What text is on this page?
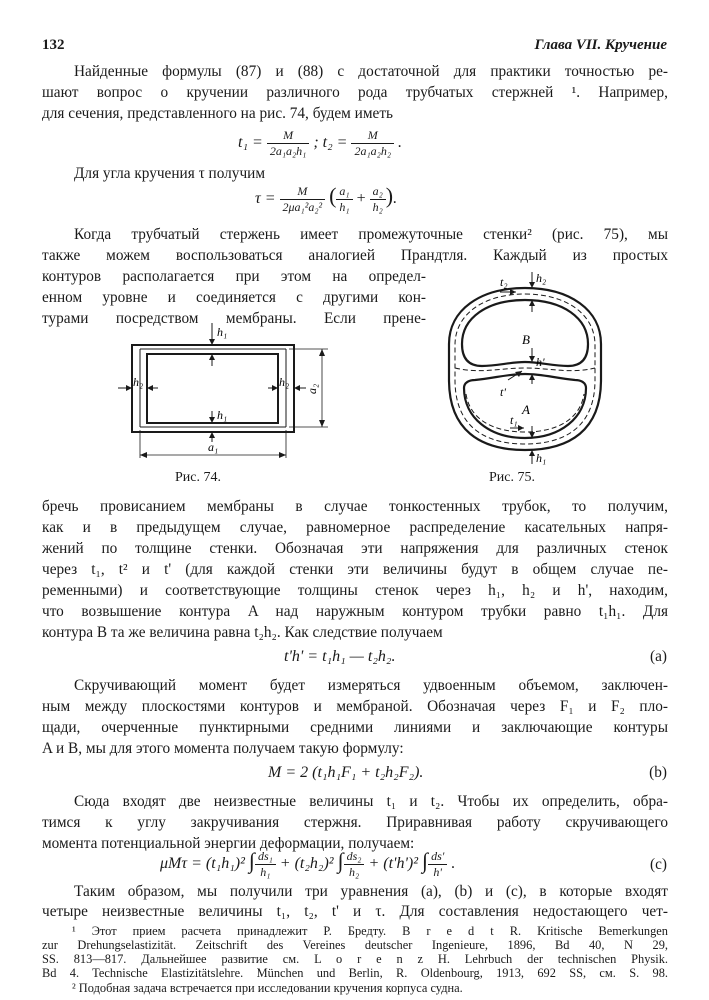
132	Глава VII. Кручение
Найденные формулы (87) и (88) с достаточной для практики точностью ре-
шают вопрос о кручении различного рода трубчатых стержней ¹. Например,
для сечения, представленного на рис. 74, будем иметь
$t_1 = \frac{M}{\text{2a₁a₂h₁}}$ ; $t_2 = \frac{M}{\text{2a₁a₂h₂}}$ .
Для угла кручения τ получим
$\tau = \frac{M}{\text{2μa₁²a₂²}}$ ( $\frac{\text{a₁}}{\text{h₁}} + \frac{\text{a₂}}{\text{h₂}}$ ).
Когда трубчатый стержень имеет промежуточные стенки² (рис. 75), мы
также можем воспользоваться аналогией Прандтля. Каждый из простых
контуров располагается при этом на определ-
енном уровне и соединяется с другими кон-
турами посредством мембраны. Если прене-
h₁
h₁
h₂	h₂
a₁
a₂
Рис. 74.
h₂
t₂
B
h'
t'
A
t₁
h₁
Рис. 75.
бречь провисанием мембраны в случае тонкостенных трубок, то получим,
как и в предыдущем случае, равномерное распределение касательных напря-
жений по толщине стенки. Обозначая эти напряжения для различных стенок
через t₁, t² и t' (для каждой стенки эти величины будут в общем случае пе-
ременными) и соответствующие толщины стенок через h₁, h₂ и h', находим,
что возвышение контура A над наружным контуром трубки равно t₁h₁. Для
контура B та же величина равна t₂h₂. Как следствие получаем
t'h' = t₁h₁ — t₂h₂.	(a)
Скручивающий момент будет измеряться удвоенным объемом, заключен-
ным между плоскостями контуров и мембраной. Обозначая через F₁ и F₂ пло-
щади, очерченные пунктирными средними линиями и заключающие контуры
A и B, мы для этого момента получаем такую формулу:
M = 2 (t₁h₁F₁ + t₂h₂F₂).	(b)
Сюда входят две неизвестные величины t₁ и t₂. Чтобы их определить, обра-
тимся к углу закручивания стержня. Приравнивая работу скручивающего
момента потенциальной энергии деформации, получаем:
μMτ = (t₁h₁)² ∫ $\frac{\text{ds₁}}{\text{h₁}} + (t_2h_2)^2$ ∫ $\frac{\text{ds₂}}{\text{h₂}} + (t'h')^2$ ∫ $\frac{ds'}{h'}$ .	(c)
Таким образом, мы получили три уравнения (a), (b) и (c), в которые входят
четыре неизвестные величины t₁, t₂, t' и τ. Для составления недостающего чет-
¹ Этот прием расчета принадлежит Р. Бредту. B r e d t R. Kritische Bemerkungen
zur Drehungselastizität. Zeitschrift des Vereines deutscher Ingenieure, 1896, Bd 40, N 29,
SS. 813—817. Дальнейшее развитие см. L o r e n z H. Lehrbuch der technischen Physik.
Bd 4. Technische Elastizitätslehre. München und Berlin, R. Oldenbourg, 1913, 692 SS, см. S. 98.
² Подобная задача встречается при исследовании кручения корпуса судна.
